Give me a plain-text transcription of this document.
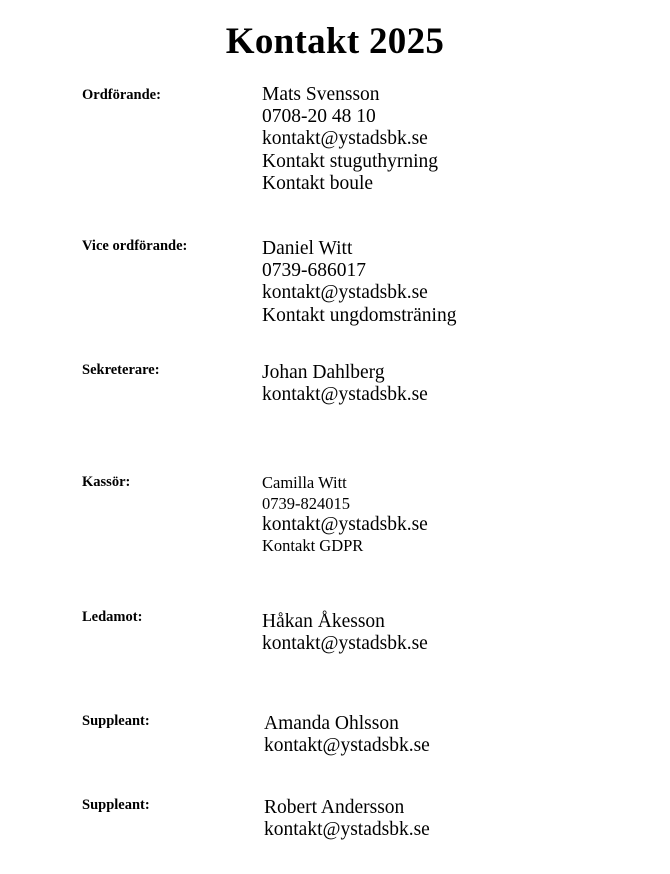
Kontakt 2025
Ordförande:	Mats Svensson
0708-20 48 10
kontakt@ystadsbk.se
Kontakt stuguthyrning
Kontakt boule
Vice ordförande:	Daniel Witt
0739-686017
kontakt@ystadsbk.se
Kontakt ungdomsträning
Sekreterare:	Johan Dahlberg
kontakt@ystadsbk.se
Kassör:	Camilla Witt
0739-824015
kontakt@ystadsbk.se
Kontakt GDPR
Ledamot:	Håkan Åkesson
kontakt@ystadsbk.se
Suppleant:	Amanda Ohlsson
kontakt@ystadsbk.se
Suppleant:	Robert Andersson
kontakt@ystadsbk.se
